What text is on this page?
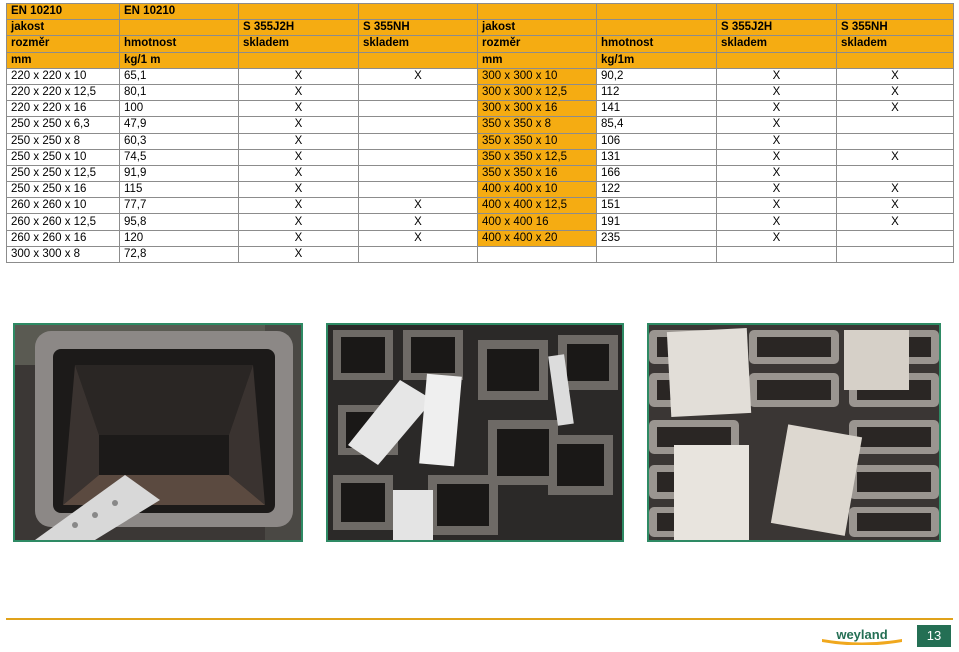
EN 10210	EN 10210						
jakost		S 355J2H	S 355NH	jakost		S 355J2H	S 355NH
rozměr	hmotnost	skladem	skladem	rozměr	hmotnost	skladem	skladem
mm	kg/1 m			mm	kg/1m		
220 x 220 x 10	65,1	X	X	300 x 300 x 10	90,2	X	X
220 x 220 x 12,5	80,1	X		300 x 300 x 12,5	112	X	X
220 x 220 x 16	100	X		300 x 300 x 16	141	X	X
250 x 250 x 6,3	47,9	X		350 x 350 x 8	85,4	X	
250 x 250 x 8	60,3	X		350 x 350 x 10	106	X	
250 x 250 x 10	74,5	X		350 x 350 x 12,5	131	X	X
250 x 250 x 12,5	91,9	X		350 x 350 x 16	166	X	
250 x 250 x 16	115	X		400 x 400 x 10	122	X	X
260 x 260 x 10	77,7	X	X	400 x 400 x 12,5	151	X	X
260 x 260 x 12,5	95,8	X	X	400 x 400 16	191	X	X
260 x 260 x 16	120	X	X	400 x 400 x 20	235	X	
300 x 300 x 8	72,8	X					
weyland	13
